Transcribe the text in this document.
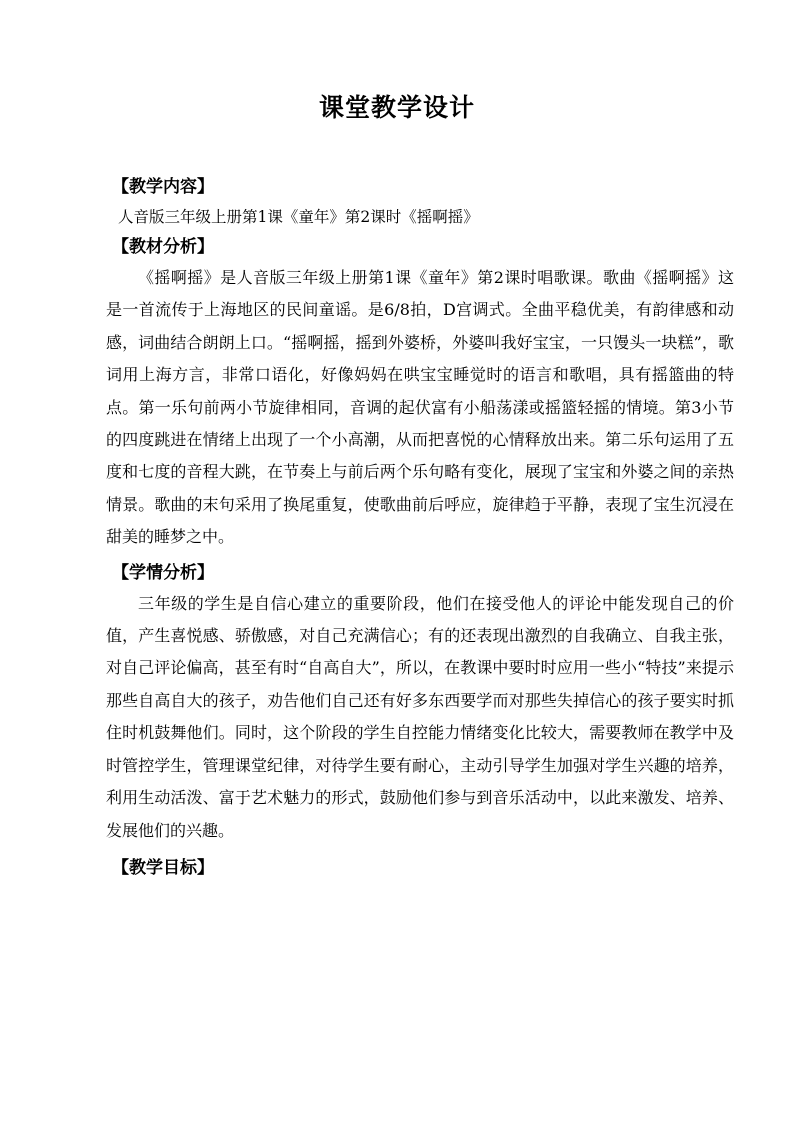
课堂教学设计
【教学内容】
人音版三年级上册第1课《童年》第2课时《摇啊摇》
【教材分析】

《摇啊摇》是人音版三年级上册第1课《童年》第2课时唱歌课。歌曲《摇啊摇》这是一首流传于上海地区的民间童谣。是6/8拍，D宫调式。全曲平稳优美，有韵律感和动感，词曲结合朗朗上口。“摇啊摇，摇到外婆桥，外婆叫我好宝宝，一只馒头一块糕”，歌词用上海方言，非常口语化，好像妈妈在哄宝宝睡觉时的语言和歌唱，具有摇篮曲的特点。第一乐句前两小节旋律相同，音调的起伏富有小船荡漾或摇篮轻摇的情境。第3小节的四度跳进在情绪上出现了一个小高潮，从而把喜悦的心情释放出来。第二乐句运用了五度和七度的音程大跳，在节奏上与前后两个乐句略有变化，展现了宝宝和外婆之间的亲热情景。歌曲的末句采用了换尾重复，使歌曲前后呼应，旋律趋于平静，表现了宝生沉浸在甜美的睡梦之中。

【学情分析】

三年级的学生是自信心建立的重要阶段，他们在接受他人的评论中能发现自己的价值，产生喜悦感、骄傲感，对自己充满信心；有的还表现出激烈的自我确立、自我主张，对自己评论偏高，甚至有时“自高自大”，所以，在教课中要时时应用一些小“特技”来提示那些自高自大的孩子，劝告他们自己还有好多东西要学而对那些失掉信心的孩子要实时抓住时机鼓舞他们。同时，这个阶段的学生自控能力情绪变化比较大，需要教师在教学中及时管控学生，管理课堂纪律，对待学生要有耐心，主动引导学生加强对学生兴趣的培养，利用生动活泼、富于艺术魅力的形式，鼓励他们参与到音乐活动中，以此来激发、培养、发展他们的兴趣。

【教学目标】
